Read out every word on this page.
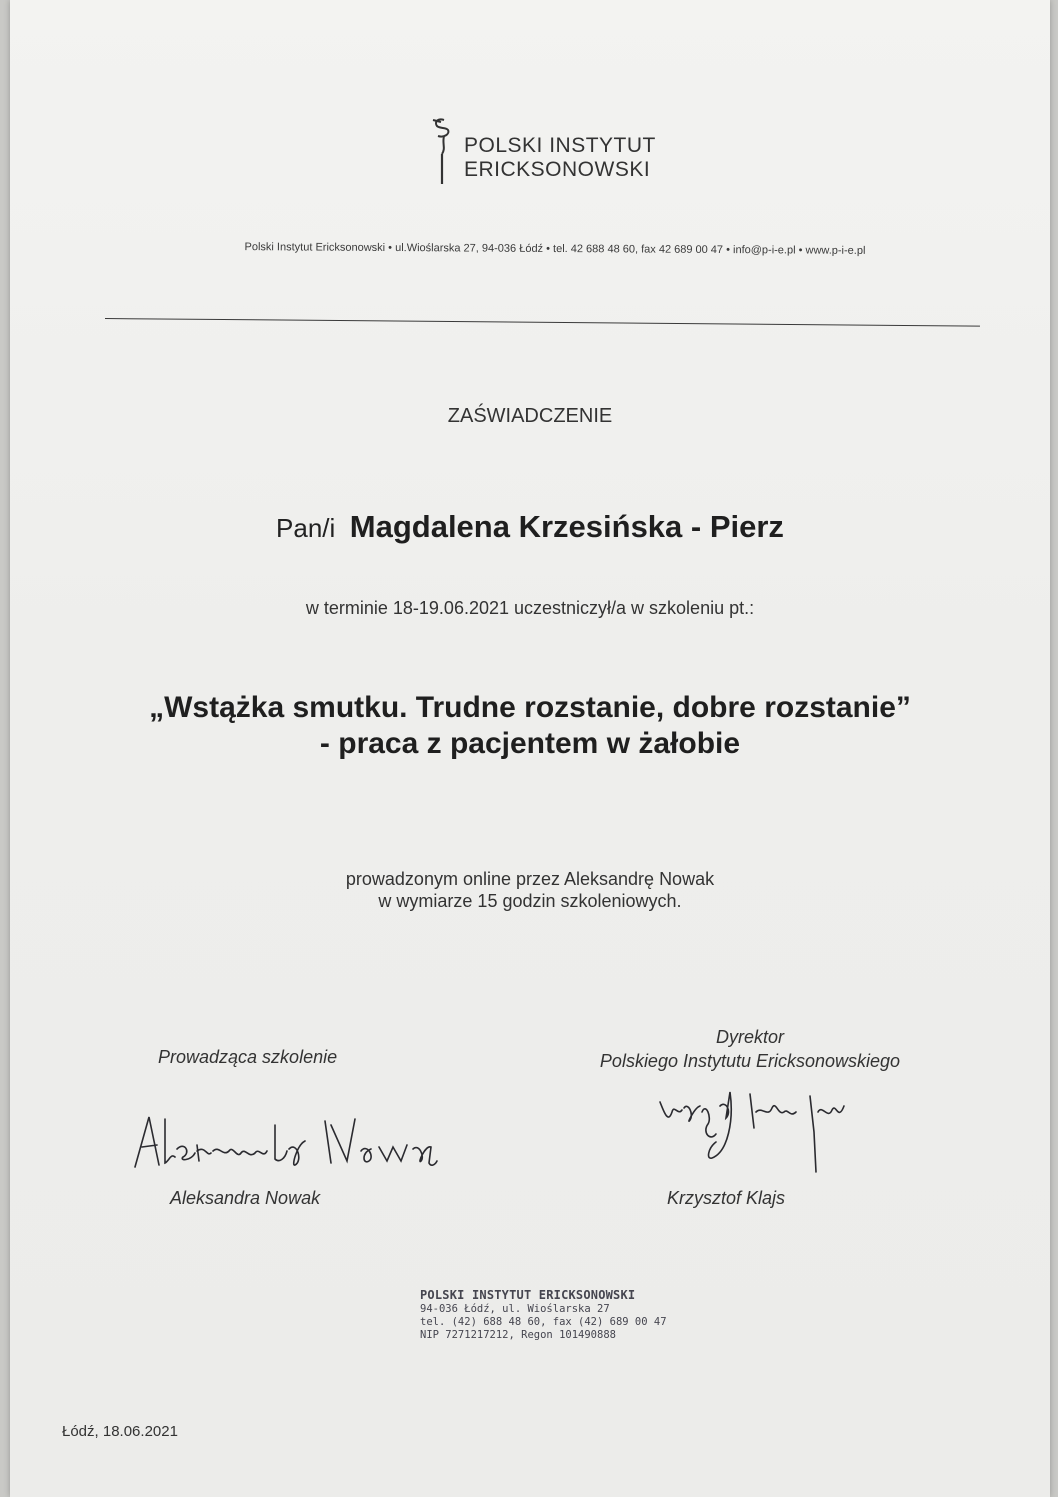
POLSKI INSTYTUT
ERICKSONOWSKI
Polski Instytut Ericksonowski • ul.Wioślarska 27, 94-036 Łódź • tel. 42 688 48 60, fax 42 689 00 47 • info@p-i-e.pl • www.p-i-e.pl
ZAŚWIADCZENIE
Pan/i Magdalena Krzesińska - Pierz
w terminie 18-19.06.2021 uczestniczył/a w szkoleniu pt.:
„Wstążka smutku. Trudne rozstanie, dobre rozstanie”
- praca z pacjentem w żałobie
prowadzonym online przez Aleksandrę Nowak
w wymiarze 15 godzin szkoleniowych.
Prowadząca szkolenie
Dyrektor
Polskiego Instytutu Ericksonowskiego
Aleksandra Nowak	Krzysztof Klajs
POLSKI INSTYTUT ERICKSONOWSKI
94-036 Łódź, ul. Wioślarska 27
tel. (42) 688 48 60, fax (42) 689 00 47
NIP 7271217212, Regon 101490888
Łódź, 18.06.2021
